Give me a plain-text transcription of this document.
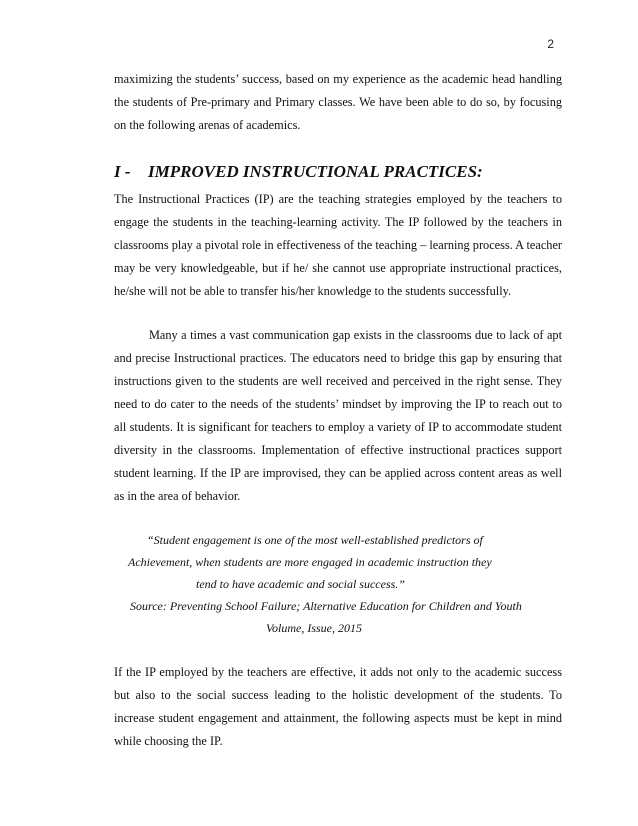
2

maximizing the students’ success, based on my experience as the academic head handling the students of Pre-primary and Primary classes. We have been able to do so, by focusing on the following arenas of academics.

I - IMPROVED INSTRUCTIONAL PRACTICES:

The Instructional Practices (IP) are the teaching strategies employed by the teachers to engage the students in the teaching-learning activity. The IP followed by the teachers in classrooms play a pivotal role in effectiveness of the teaching – learning process. A teacher may be very knowledgeable, but if he/ she cannot use appropriate instructional practices, he/she will not be able to transfer his/her knowledge to the students successfully.

Many a times a vast communication gap exists in the classrooms due to lack of apt and precise Instructional practices. The educators need to bridge this gap by ensuring that instructions given to the students are well received and perceived in the right sense. They need to do cater to the needs of the students’ mindset by improving the IP to reach out to all students. It is significant for teachers to employ a variety of IP to accommodate student diversity in the classrooms. Implementation of effective instructional practices support student learning. If the IP are improvised, they can be applied across content areas as well as in the area of behavior.

“Student engagement is one of the most well-established predictors of
Achievement, when students are more engaged in academic instruction they
tend to have academic and social success.”
Source: Preventing School Failure; Alternative Education for Children and Youth
Volume, Issue, 2015

If the IP employed by the teachers are effective, it adds not only to the academic success but also to the social success leading to the holistic development of the students. To increase student engagement and attainment, the following aspects must be kept in mind while choosing the IP.
